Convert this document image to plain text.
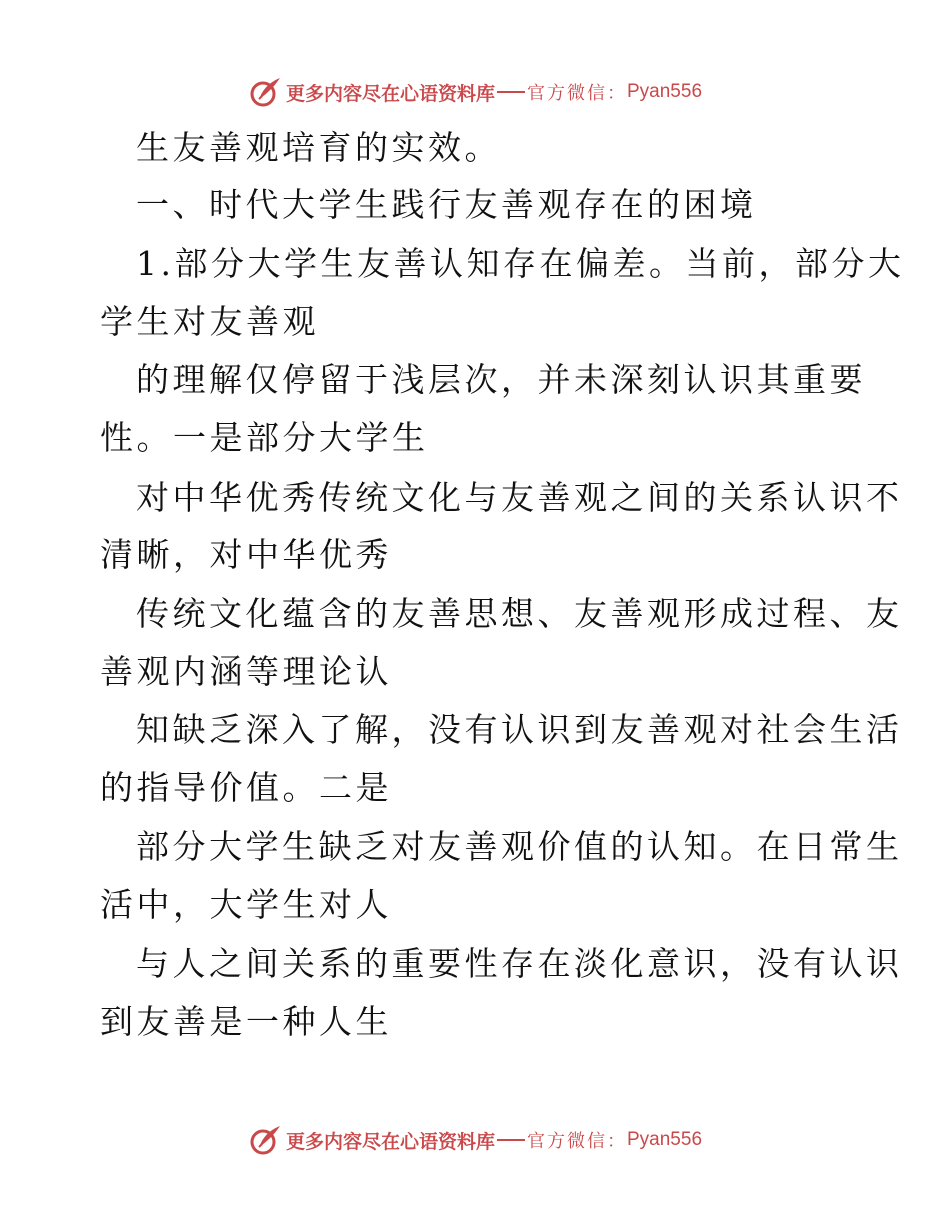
更多内容尽在心语资料库 官方微信： Pyan556
生友善观培育的实效。
一、时代大学生践行友善观存在的困境
1.部分大学生友善认知存在偏差。当前，部分大
学生对友善观
的理解仅停留于浅层次，并未深刻认识其重要
性。一是部分大学生
对中华优秀传统文化与友善观之间的关系认识不
清晰，对中华优秀
传统文化蕴含的友善思想、友善观形成过程、友
善观内涵等理论认
知缺乏深入了解，没有认识到友善观对社会生活
的指导价值。二是
部分大学生缺乏对友善观价值的认知。在日常生
活中，大学生对人
与人之间关系的重要性存在淡化意识，没有认识
到友善是一种人生
更多内容尽在心语资料库 官方微信： Pyan556
